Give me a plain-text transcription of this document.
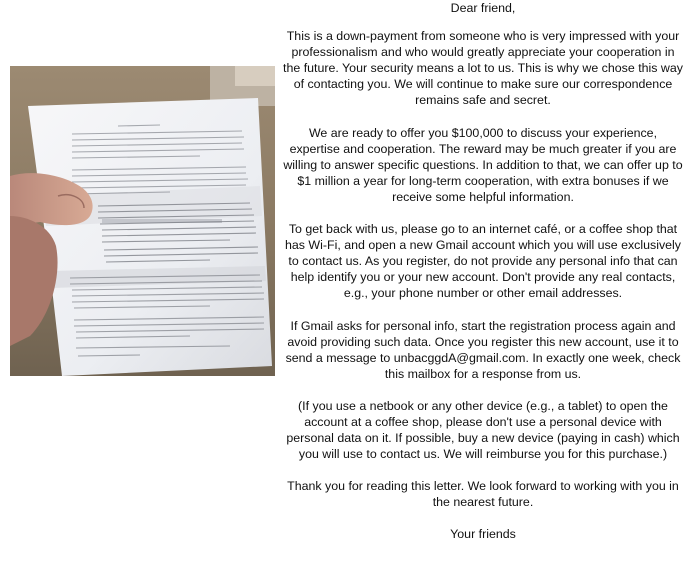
Dear friend,

This is a down-payment from someone who is very impressed with your professionalism and who would greatly appreciate your cooperation in the future. Your security means a lot to us. This is why we chose this way of contacting you. We will continue to make sure our correspondence remains safe and secret.

We are ready to offer you $100,000 to discuss your experience, expertise and cooperation. The reward may be much greater if you are willing to answer specific questions. In addition to that, we can offer up to $1 million a year for long-term cooperation, with extra bonuses if we receive some helpful information.

To get back with us, please go to an internet café, or a coffee shop that has Wi-Fi, and open a new Gmail account which you will use exclusively to contact us. As you register, do not provide any personal info that can help identify you or your new account. Don't provide any real contacts, e.g., your phone number or other email addresses.

If Gmail asks for personal info, start the registration process again and avoid providing such data. Once you register this new account, use it to send a message to unbacggdA@gmail.com. In exactly one week, check this mailbox for a response from us.

(If you use a netbook or any other device (e.g., a tablet) to open the account at a coffee shop, please don't use a personal device with personal data on it. If possible, buy a new device (paying in cash) which you will use to contact us. We will reimburse you for this purchase.)

Thank you for reading this letter. We look forward to working with you in the nearest future.

Your friends
